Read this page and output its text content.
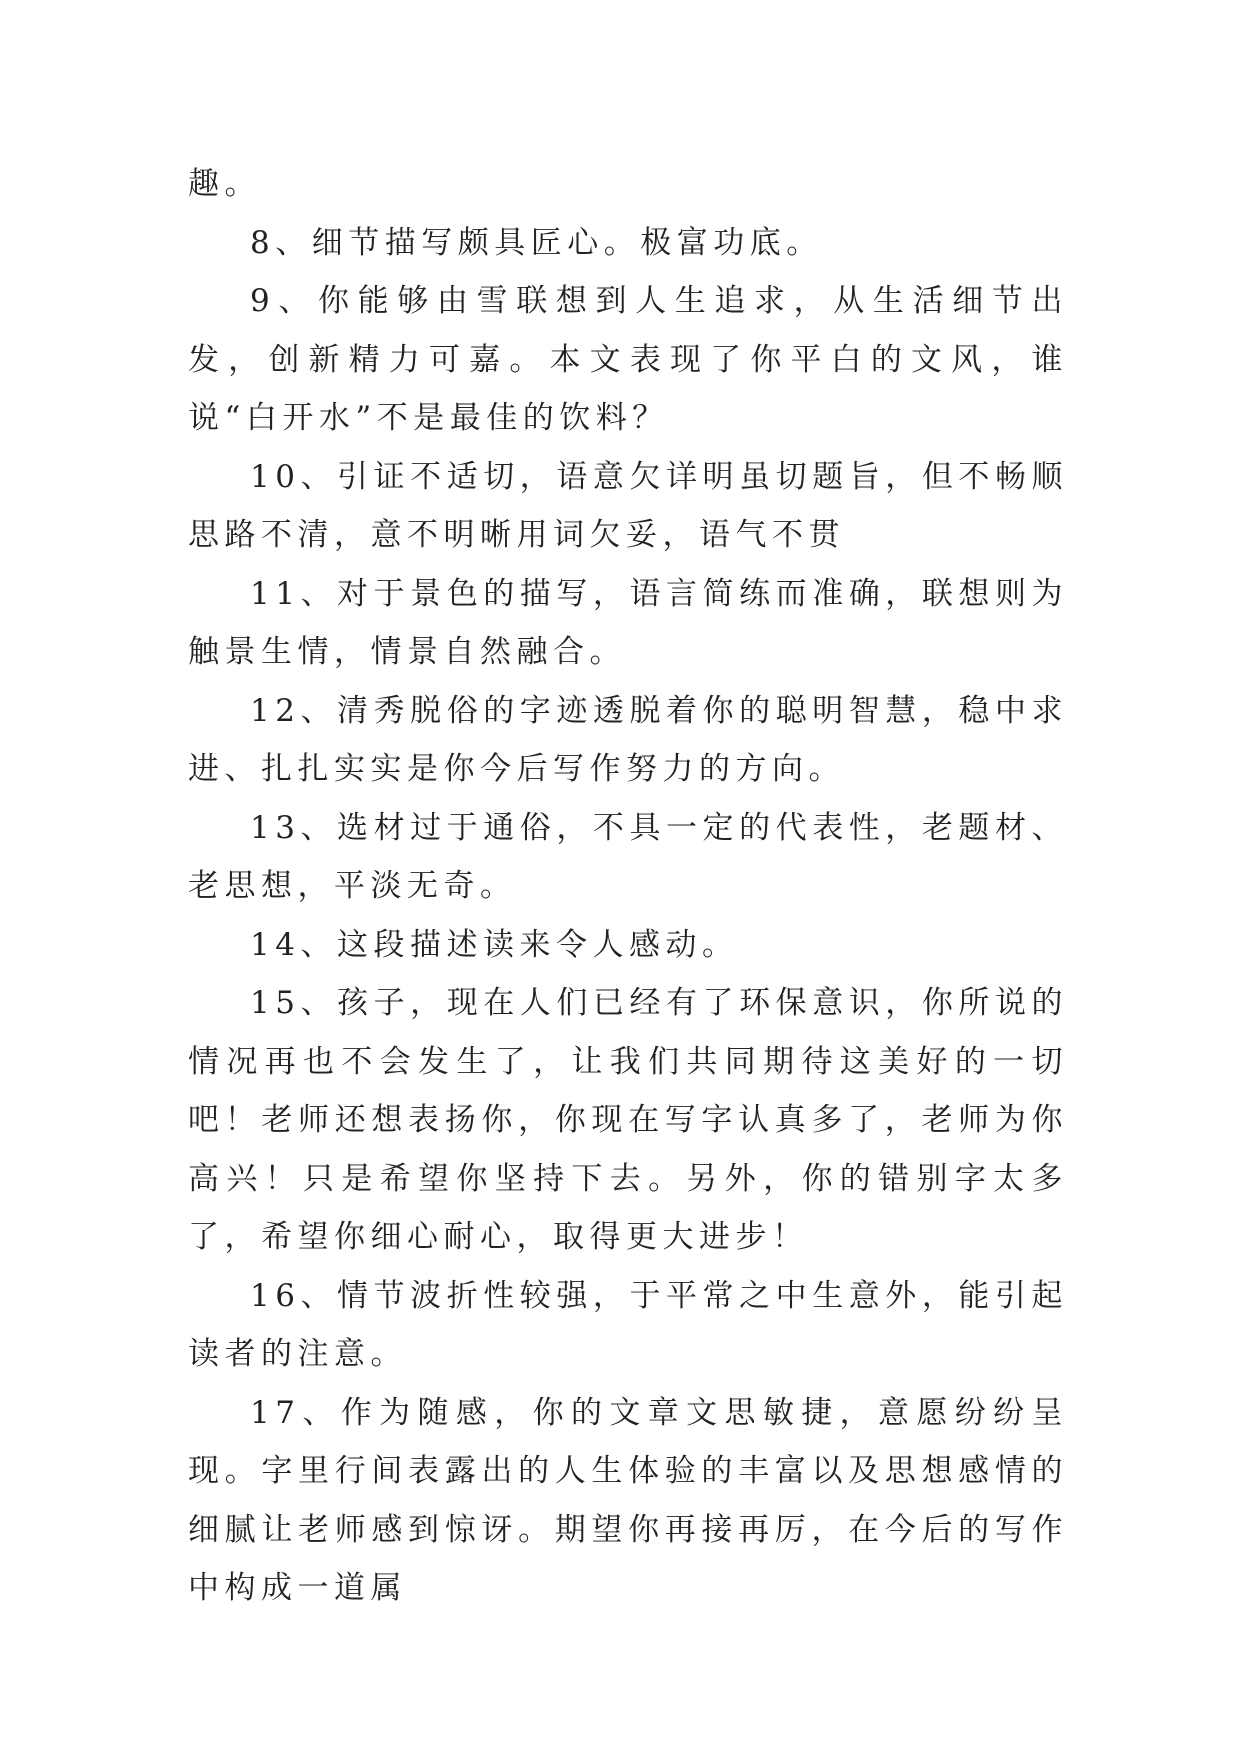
趣。

8、细节描写颇具匠心。极富功底。

9、你能够由雪联想到人生追求，从生活细节出发，创新精力可嘉。本文表现了你平白的文风，谁说“白开水”不是最佳的饮料？

10、引证不适切，语意欠详明虽切题旨，但不畅顺思路不清，意不明晰用词欠妥，语气不贯

11、对于景色的描写，语言简练而准确，联想则为触景生情，情景自然融合。

12、清秀脱俗的字迹透脱着你的聪明智慧，稳中求进、扎扎实实是你今后写作努力的方向。

13、选材过于通俗，不具一定的代表性，老题材、老思想，平淡无奇。

14、这段描述读来令人感动。

15、孩子，现在人们已经有了环保意识，你所说的情况再也不会发生了，让我们共同期待这美好的一切吧！老师还想表扬你，你现在写字认真多了，老师为你高兴！只是希望你坚持下去。另外，你的错别字太多了，希望你细心耐心，取得更大进步！

16、情节波折性较强，于平常之中生意外，能引起读者的注意。

17、作为随感，你的文章文思敏捷，意愿纷纷呈现。字里行间表露出的人生体验的丰富以及思想感情的细腻让老师感到惊讶。期望你再接再厉，在今后的写作中构成一道属
